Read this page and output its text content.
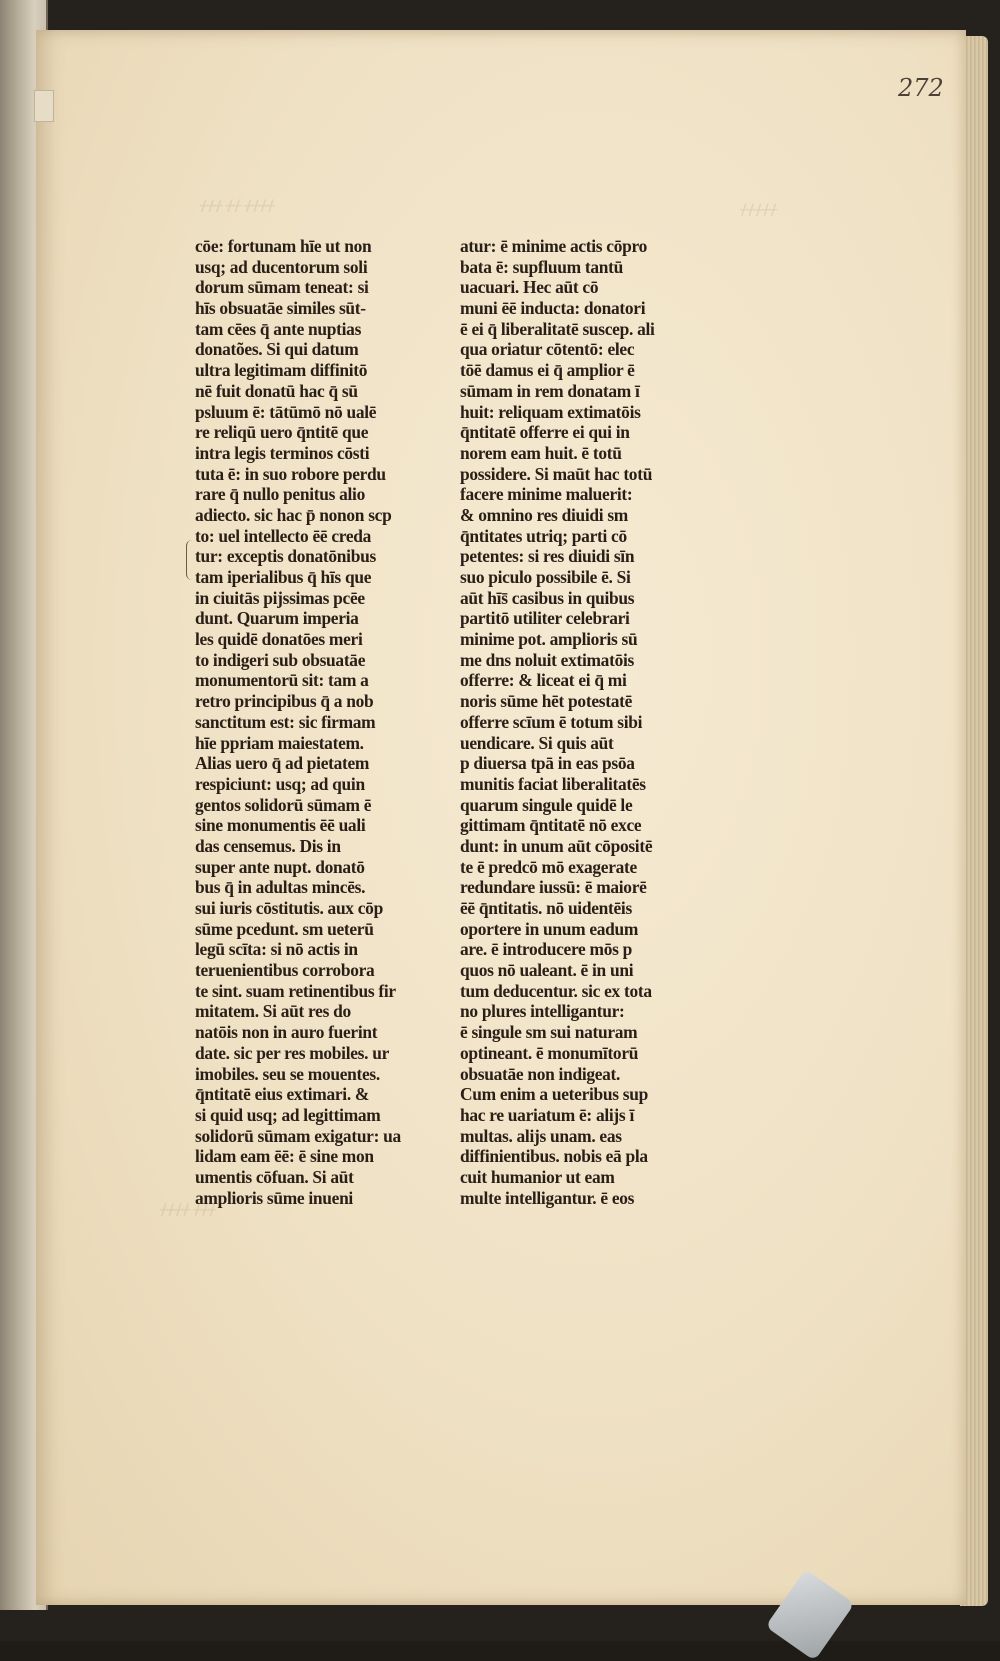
ᚋᚋᚋ ᚋᚋ ᚋᚋᚋᚋ	ᚋᚋᚋᚋᚋ
ᚋᚋᚋᚋ ᚋᚋᚋ
272
cōe: fortunam hīe ut non
usq; ad ducentorum soli
dorum sūmam teneat: si
hīs obsuatāe similes sūt-
tam cēes q̄ ante nuptias
donatões. Si qui datum
ultra legitimam diffinitō
nē fuit donatū hac q̄ sū
psluum ē: tātūmō nō ualē
re reliqū uero q̄ntitē que
intra legis terminos cōsti
tuta ē: in suo robore perdu
rare q̄ nullo penitus alio
adiecto. sic hac p̄ nonon scp
to: uel intellecto ēē creda
tur: exceptis donatōnibus
tam iperialibus q̄ hīs que
in ciuitās pijssimas pcēe
dunt. Quarum imperia
les quidē donatōes meri
to indigeri sub obsuatāe
monumentorū sit: tam a
retro principibus q̄ a nob
sanctitum est: sic firmam
hīe ppriam maiestatem.
Alias uero q̄ ad pietatem
respiciunt: usq; ad quin
gentos solidorū sūmam ē
sine monumentis ēē uali
das censemus. Dis in
super ante nupt. donatō
bus q̄ in adultas mincēs.
sui iuris cōstitutis. aux cōp
sūme pcedunt. sm ueterū
legū scīta: si nō actis in
teruenientibus corrobora
te sint. suam retinentibus fir
mitatem. Si aūt res do
natōis non in auro fuerint
date. sic per res mobiles. ur
imobiles. seu se mouentes.
q̄ntitatē eius extimari. &
si quid usq; ad legittimam
solidorū sūmam exigatur: ua
lidam eam ēē: ē sine mon
umentis cōfuan. Si aūt
amplioris sūme inueni
atur: ē minime actis cōpro
bata ē: supfluum tantū
uacuari. Hec aūt cō
muni ēē inducta: donatori
ē ei q̄ liberalitatē suscep. ali
qua oriatur cōtentō: elec
tōē damus ei q̄ amplior ē
sūmam in rem donatam ī
huit: reliquam extimatōis
q̄ntitatē offerre ei qui in
norem eam huit. ē totū
possidere. Si maūt hac totū
facere minime maluerit:
& omnino res diuidi sm
q̄ntitates utriq; parti cō
petentes: si res diuidi sīn
suo piculo possibile ē. Si
aūt hīs̄ casibus in quibus
partitō utiliter celebrari
minime pot. amplioris sū
me dns noluit extimatōis
offerre: & liceat ei q̄ mi
noris sūme hēt potestatē
offerre scīum ē totum sibi
uendicare. Si quis aūt
p diuersa tpā in eas psōa
munitis faciat liberalitatēs
quarum singule quidē le
gittimam q̄ntitatē nō exce
dunt: in unum aūt cōpositē
te ē predcō mō exagerate
redundare iussū: ē maiorē
ēē q̄ntitatis. nō uidentēis
oportere in unum eadum
are. ē introducere mōs p
quos nō ualeant. ē in uni
tum deducentur. sic ex tota
no plures intelligantur:
ē singule sm sui naturam
optineant. ē monumītorū
obsuatāe non indigeat.
Cum enim a ueteribus sup
hac re uariatum ē: alijs ī
multas. alijs unam. eas
diffinientibus. nobis eā pla
cuit humanior ut eam
multe intelligantur. ē eos
